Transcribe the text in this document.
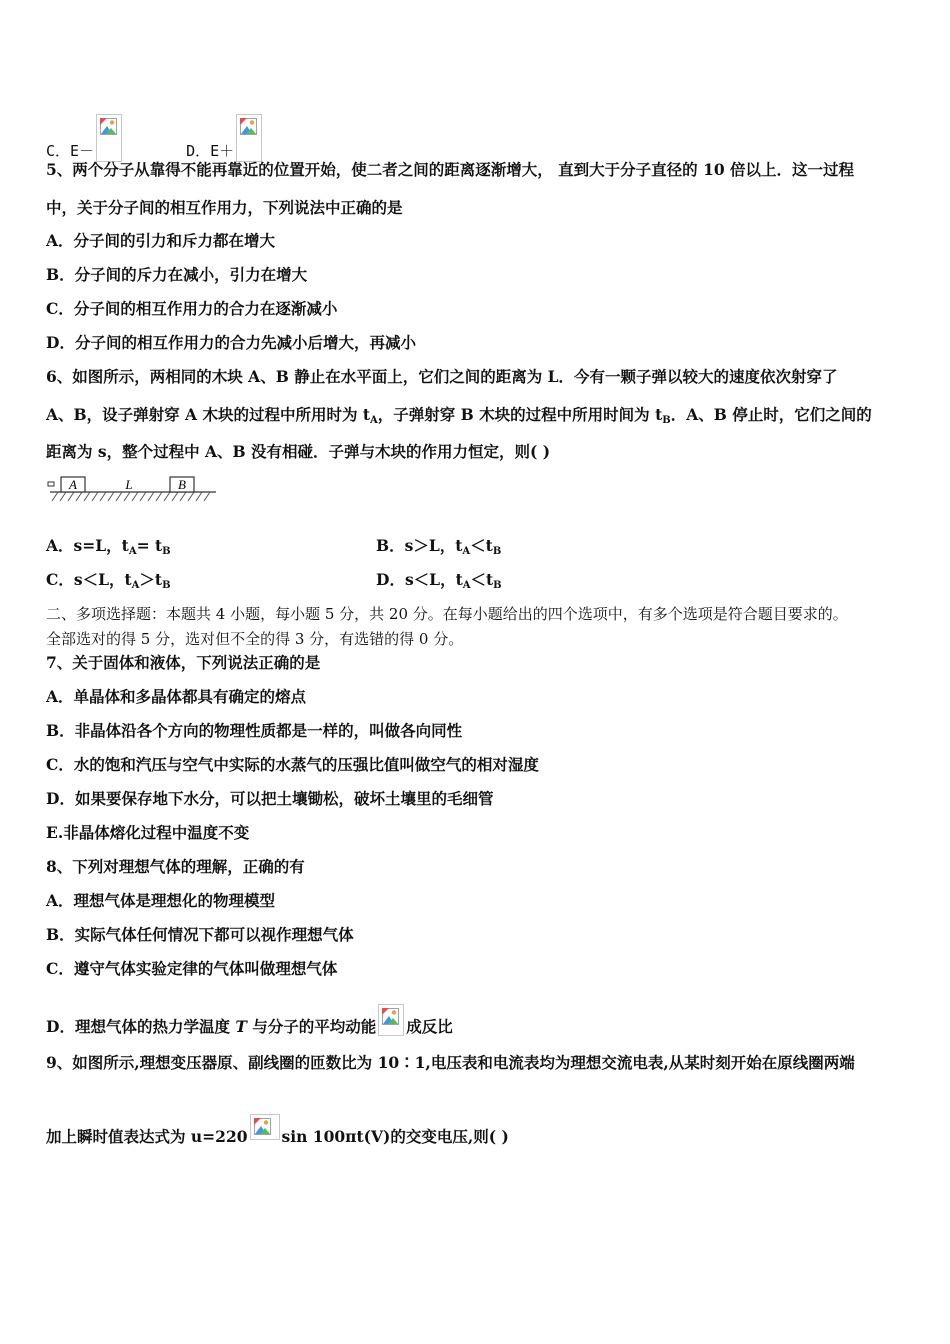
C．E－	D．E＋
5、两个分子从靠得不能再靠近的位置开始，使二者之间的距离逐渐增大， 直到大于分子直径的 10 倍以上．这一过程
中，关于分子间的相互作用力，下列说法中正确的是
A．分子间的引力和斥力都在增大
B．分子间的斥力在减小，引力在增大
C．分子间的相互作用力的合力在逐渐减小
D．分子间的相互作用力的合力先减小后增大，再减小
6、如图所示，两相同的木块 A、B 静止在水平面上，它们之间的距离为 L．今有一颗子弹以较大的速度依次射穿了
A、B，设子弹射穿 A 木块的过程中所用时为 $t_A$，子弹射穿 B 木块的过程中所用时间为 $t_B$．A、B 停止时，它们之间的
距离为 s，整个过程中 A、B 没有相碰．子弹与木块的作用力恒定，则( )
A	L	B
A．s=L，$t_A= t_B$	B．s＞L，$t_A<t_B$
C．s＜L，$t_A>t_B$	D．s＜L，$t_A<t_B$
二、多项选择题：本题共 4 小题，每小题 5 分，共 20 分。在每小题给出的四个选项中，有多个选项是符合题目要求的。
全部选对的得 5 分，选对但不全的得 3 分，有选错的得 0 分。
7、关于固体和液体，下列说法正确的是
A．单晶体和多晶体都具有确定的熔点
B．非晶体沿各个方向的物理性质都是一样的，叫做各向同性
C．水的饱和汽压与空气中实际的水蒸气的压强比值叫做空气的相对湿度
D．如果要保存地下水分，可以把土壤锄松，破坏土壤里的毛细管
E.非晶体熔化过程中温度不变
8、下列对理想气体的理解，正确的有
A．理想气体是理想化的物理模型
B．实际气体任何情况下都可以视作理想气体
C．遵守气体实验定律的气体叫做理想气体
D．理想气体的热力学温度 T 与分子的平均动能 成反比
9、如图所示,理想变压器原、副线圈的匝数比为 10∶1,电压表和电流表均为理想交流电表,从某时刻开始在原线圈两端
加上瞬时值表达式为 u=220 sin 100πt(V)的交变电压,则( )
